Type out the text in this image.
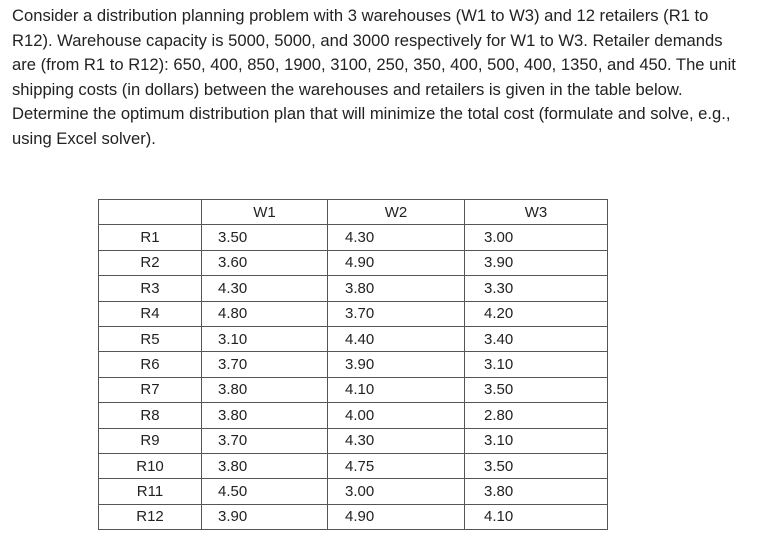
Consider a distribution planning problem with 3 warehouses (W1 to W3) and 12 retailers (R1 to R12). Warehouse capacity is 5000, 5000, and 3000 respectively for W1 to W3. Retailer demands are (from R1 to R12): 650, 400, 850, 1900, 3100, 250, 350, 400, 500, 400, 1350, and 450. The unit shipping costs (in dollars) between the warehouses and retailers is given in the table below. Determine the optimum distribution plan that will minimize the total cost (formulate and solve, e.g., using Excel solver).

	W1	W2	W3
R1	3.50	4.30	3.00
R2	3.60	4.90	3.90
R3	4.30	3.80	3.30
R4	4.80	3.70	4.20
R5	3.10	4.40	3.40
R6	3.70	3.90	3.10
R7	3.80	4.10	3.50
R8	3.80	4.00	2.80
R9	3.70	4.30	3.10
R10	3.80	4.75	3.50
R11	4.50	3.00	3.80
R12	3.90	4.90	4.10
